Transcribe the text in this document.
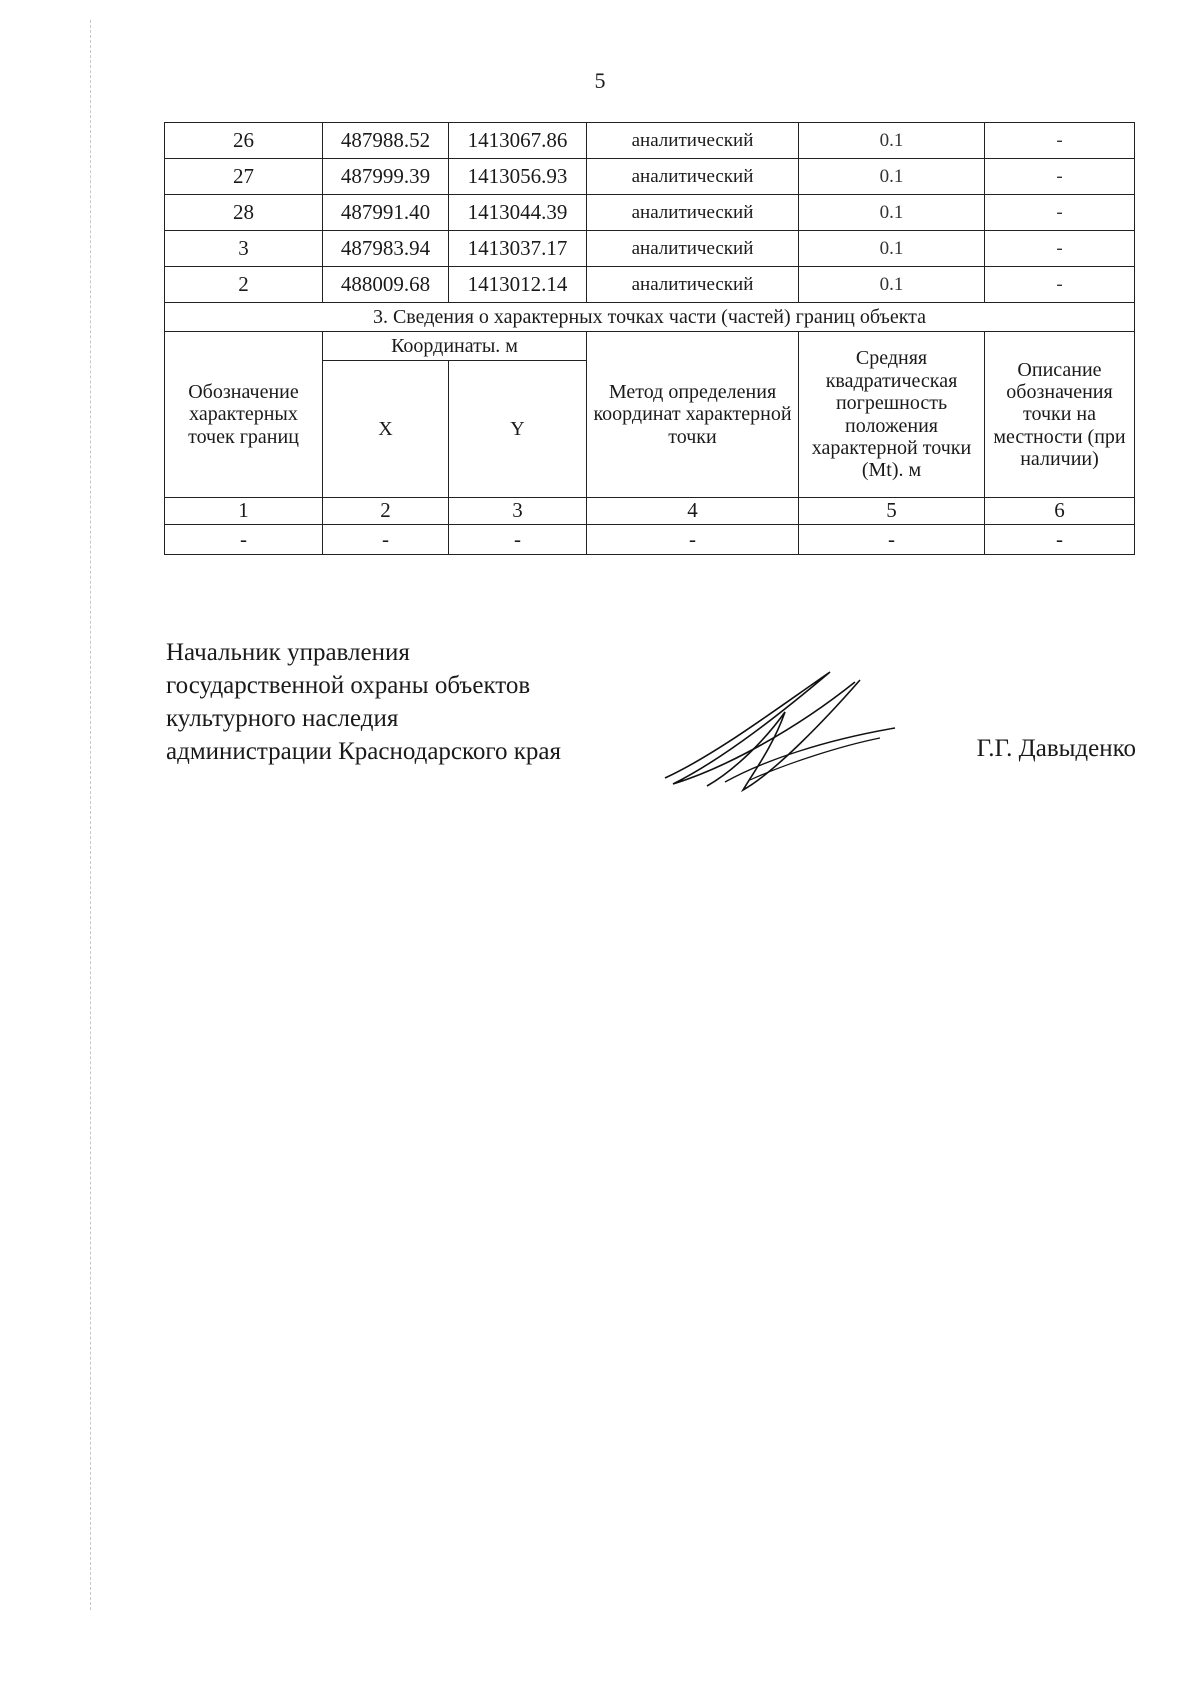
5
26	487988.52	1413067.86	аналитический	0.1	-
27	487999.39	1413056.93	аналитический	0.1	-
28	487991.40	1413044.39	аналитический	0.1	-
3	487983.94	1413037.17	аналитический	0.1	-
2	488009.68	1413012.14	аналитический	0.1	-
3. Сведения о характерных точках части (частей) границ объекта					
Обозначение характерных точек границ	Координаты. м		Метод определения координат характерной точки	Средняя квадратическая погрешность положения характерной точки (Mt). м	Описание обозначения точки на местности (при наличии)
	X	Y			
1	2	3	4	5	6
-	-	-	-	-	-
Начальник управления
государственной охраны объектов
культурного наследия
администрации Краснодарского края	Г.Г. Давыденко
